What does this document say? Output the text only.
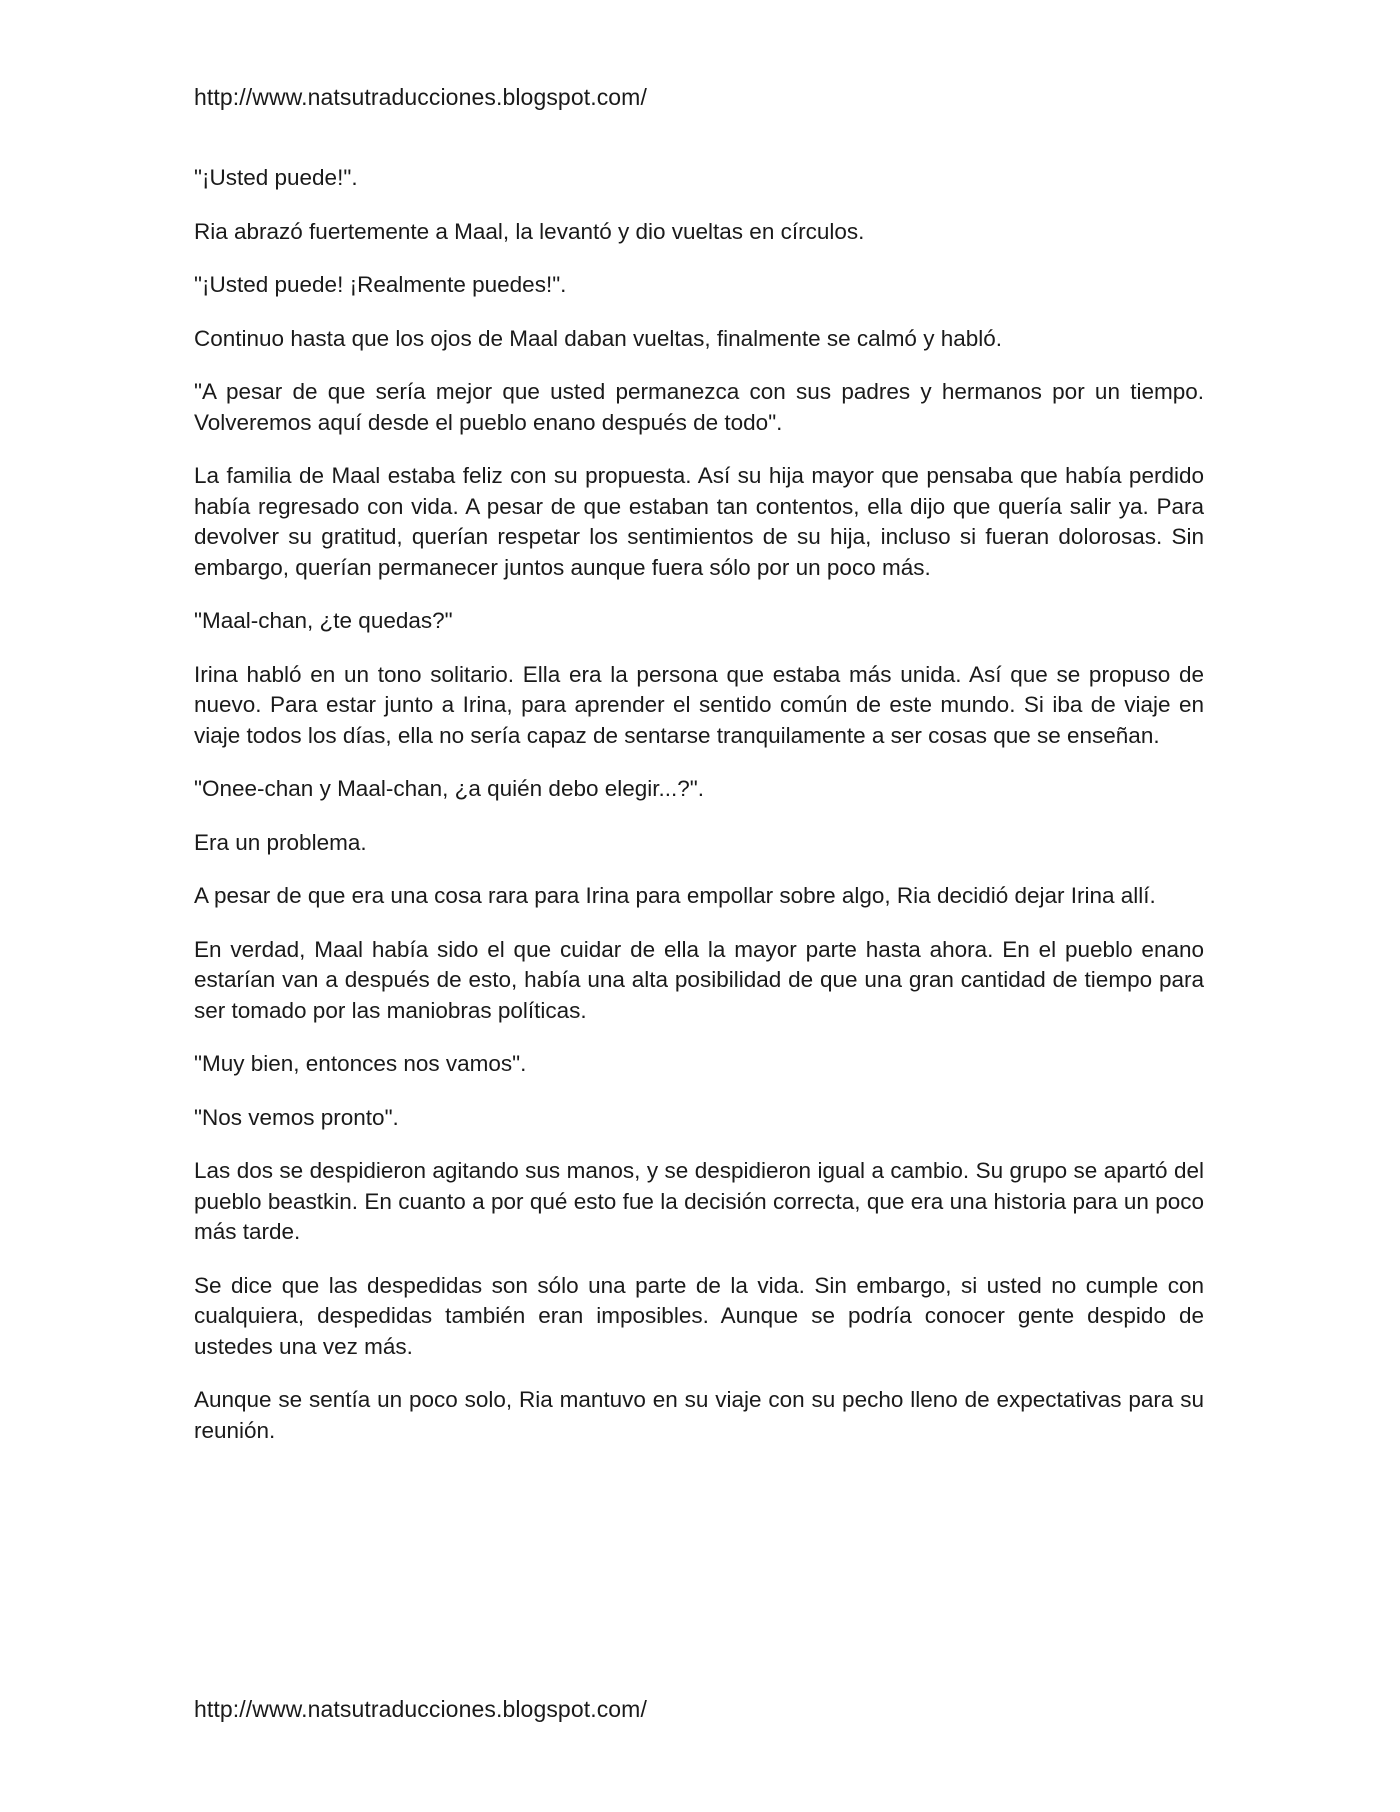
http://www.natsutraducciones.blogspot.com/

"¡Usted puede!".

Ria abrazó fuertemente a Maal, la levantó y dio vueltas en círculos.

"¡Usted puede! ¡Realmente puedes!".

Continuo hasta que los ojos de Maal daban vueltas, finalmente se calmó y habló.

"A pesar de que sería mejor que usted permanezca con sus padres y hermanos por un tiempo. Volveremos aquí desde el pueblo enano después de todo".

La familia de Maal estaba feliz con su propuesta. Así su hija mayor que pensaba que había perdido había regresado con vida. A pesar de que estaban tan contentos, ella dijo que quería salir ya. Para devolver su gratitud, querían respetar los sentimientos de su hija, incluso si fueran dolorosas. Sin embargo, querían permanecer juntos aunque fuera sólo por un poco más.

"Maal-chan, ¿te quedas?"

Irina habló en un tono solitario. Ella era la persona que estaba más unida. Así que se propuso de nuevo. Para estar junto a Irina, para aprender el sentido común de este mundo. Si iba de viaje en viaje todos los días, ella no sería capaz de sentarse tranquilamente a ser cosas que se enseñan.

"Onee-chan y Maal-chan, ¿a quién debo elegir...?".

Era un problema.

A pesar de que era una cosa rara para Irina para empollar sobre algo, Ria decidió dejar Irina allí.

En verdad, Maal había sido el que cuidar de ella la mayor parte hasta ahora. En el pueblo enano estarían van a después de esto, había una alta posibilidad de que una gran cantidad de tiempo para ser tomado por las maniobras políticas.

"Muy bien, entonces nos vamos".

"Nos vemos pronto".

Las dos se despidieron agitando sus manos, y se despidieron igual a cambio. Su grupo se apartó del pueblo beastkin. En cuanto a por qué esto fue la decisión correcta, que era una historia para un poco más tarde.

Se dice que las despedidas son sólo una parte de la vida. Sin embargo, si usted no cumple con cualquiera, despedidas también eran imposibles. Aunque se podría conocer gente despido de ustedes una vez más.

Aunque se sentía un poco solo, Ria mantuvo en su viaje con su pecho lleno de expectativas para su reunión.

http://www.natsutraducciones.blogspot.com/
